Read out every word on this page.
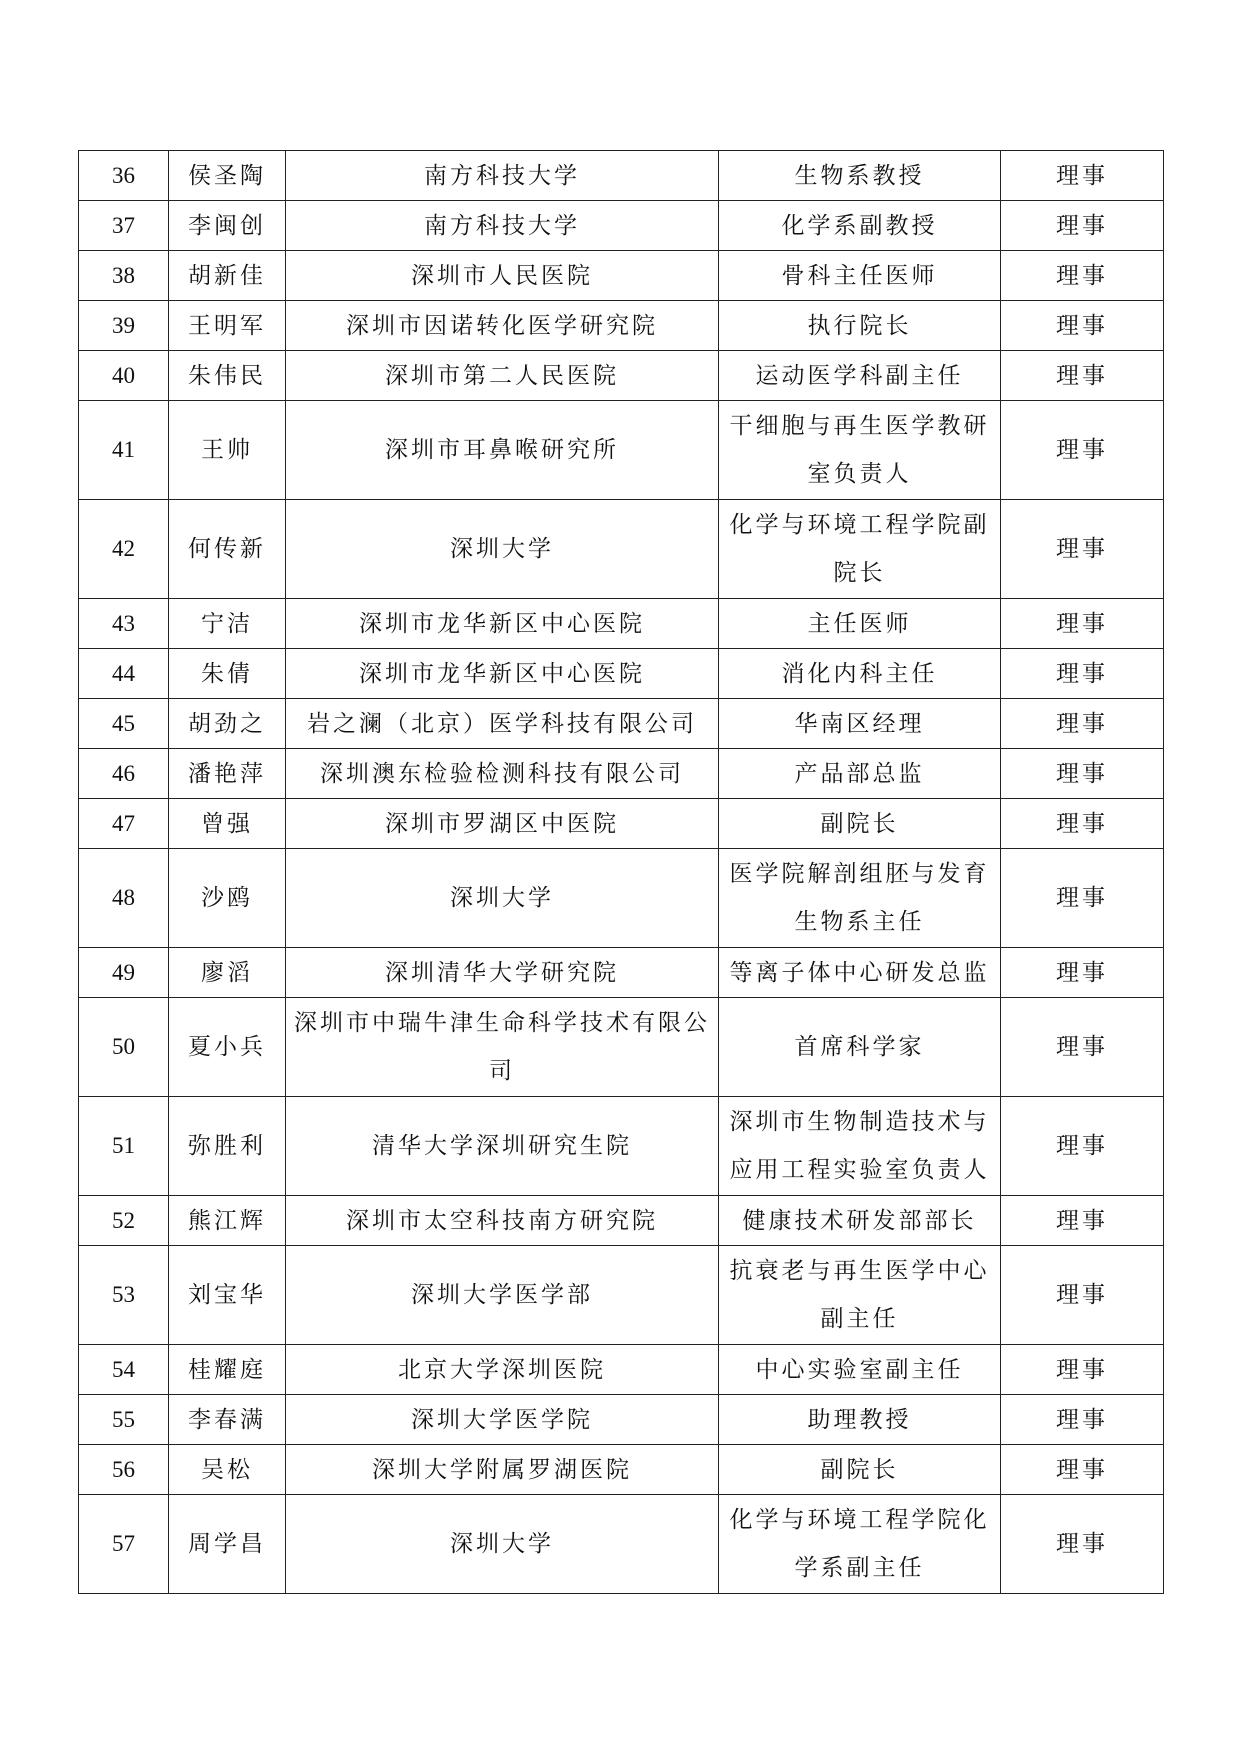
36	侯圣陶	南方科技大学	生物系教授	理事
37	李闽创	南方科技大学	化学系副教授	理事
38	胡新佳	深圳市人民医院	骨科主任医师	理事
39	王明军	深圳市因诺转化医学研究院	执行院长	理事
40	朱伟民	深圳市第二人民医院	运动医学科副主任	理事
41	王帅	深圳市耳鼻喉研究所	干细胞与再生医学教研室负责人	理事
42	何传新	深圳大学	化学与环境工程学院副院长	理事
43	宁洁	深圳市龙华新区中心医院	主任医师	理事
44	朱倩	深圳市龙华新区中心医院	消化内科主任	理事
45	胡劲之	岩之澜（北京）医学科技有限公司	华南区经理	理事
46	潘艳萍	深圳澳东检验检测科技有限公司	产品部总监	理事
47	曾强	深圳市罗湖区中医院	副院长	理事
48	沙鸥	深圳大学	医学院解剖组胚与发育生物系主任	理事
49	廖滔	深圳清华大学研究院	等离子体中心研发总监	理事
50	夏小兵	深圳市中瑞牛津生命科学技术有限公司	首席科学家	理事
51	弥胜利	清华大学深圳研究生院	深圳市生物制造技术与应用工程实验室负责人	理事
52	熊江辉	深圳市太空科技南方研究院	健康技术研发部部长	理事
53	刘宝华	深圳大学医学部	抗衰老与再生医学中心副主任	理事
54	桂耀庭	北京大学深圳医院	中心实验室副主任	理事
55	李春满	深圳大学医学院	助理教授	理事
56	吴松	深圳大学附属罗湖医院	副院长	理事
57	周学昌	深圳大学	化学与环境工程学院化学系副主任	理事
